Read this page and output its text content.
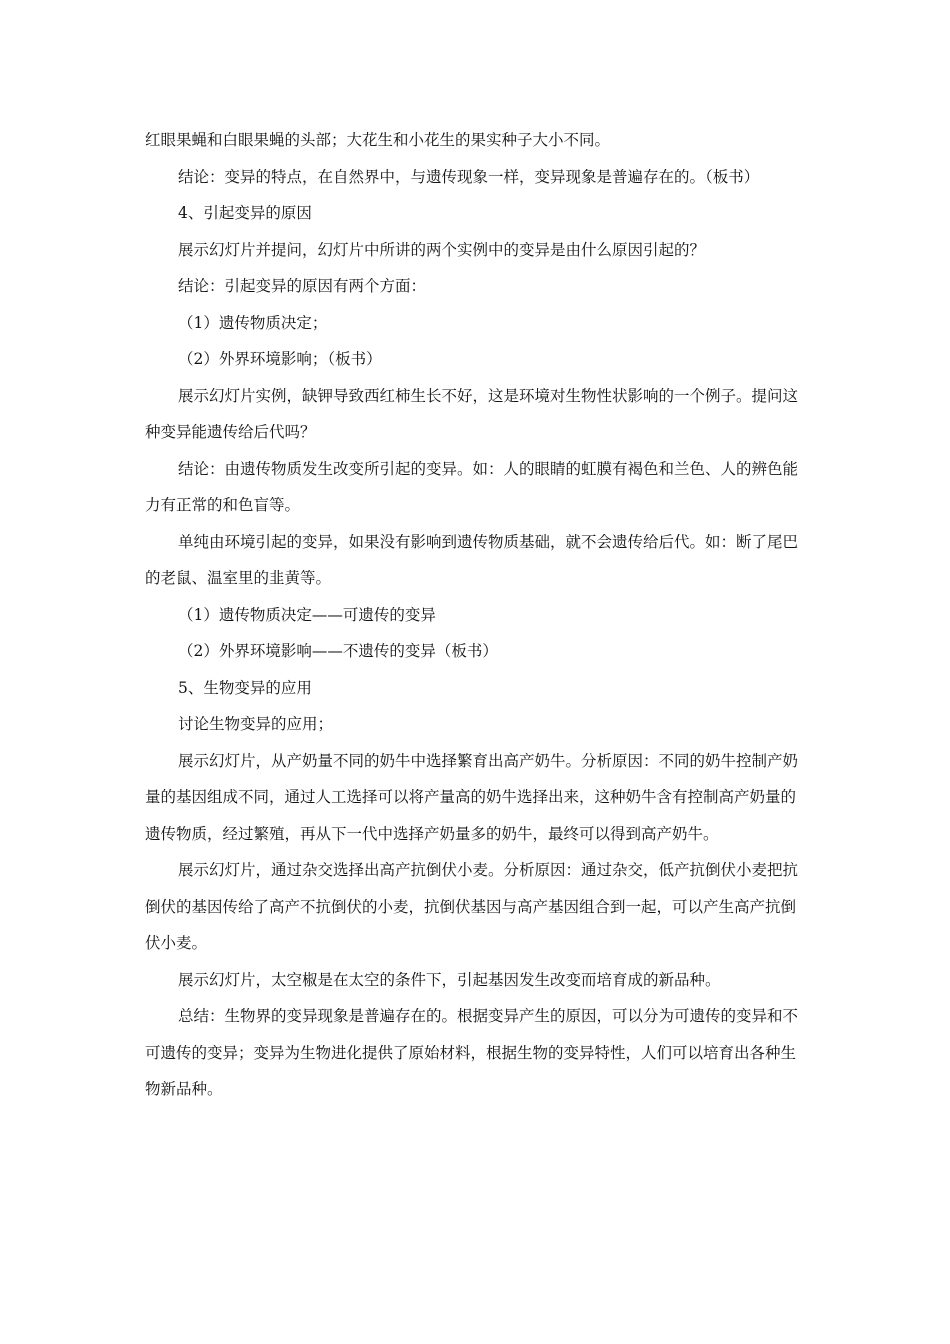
红眼果蝇和白眼果蝇的头部；大花生和小花生的果实种子大小不同。

结论：变异的特点，在自然界中，与遗传现象一样，变异现象是普遍存在的。（板书）

4、引起变异的原因

展示幻灯片并提问，幻灯片中所讲的两个实例中的变异是由什么原因引起的？

结论：引起变异的原因有两个方面：

（1）遗传物质决定；

（2）外界环境影响；（板书）

展示幻灯片实例，缺钾导致西红柿生长不好，这是环境对生物性状影响的一个例子。提问这种变异能遗传给后代吗？

结论：由遗传物质发生改变所引起的变异。如：人的眼睛的虹膜有褐色和兰色、人的辨色能力有正常的和色盲等。

单纯由环境引起的变异，如果没有影响到遗传物质基础，就不会遗传给后代。如：断了尾巴的老鼠、温室里的韭黄等。

（1）遗传物质决定——可遗传的变异

（2）外界环境影响——不遗传的变异（板书）

5、生物变异的应用

讨论生物变异的应用；

展示幻灯片，从产奶量不同的奶牛中选择繁育出高产奶牛。分析原因：不同的奶牛控制产奶量的基因组成不同，通过人工选择可以将产量高的奶牛选择出来，这种奶牛含有控制高产奶量的遗传物质，经过繁殖，再从下一代中选择产奶量多的奶牛，最终可以得到高产奶牛。

展示幻灯片，通过杂交选择出高产抗倒伏小麦。分析原因：通过杂交，低产抗倒伏小麦把抗倒伏的基因传给了高产不抗倒伏的小麦，抗倒伏基因与高产基因组合到一起，可以产生高产抗倒伏小麦。

展示幻灯片，太空椒是在太空的条件下，引起基因发生改变而培育成的新品种。

总结：生物界的变异现象是普遍存在的。根据变异产生的原因，可以分为可遗传的变异和不可遗传的变异；变异为生物进化提供了原始材料，根据生物的变异特性，人们可以培育出各种生物新品种。
